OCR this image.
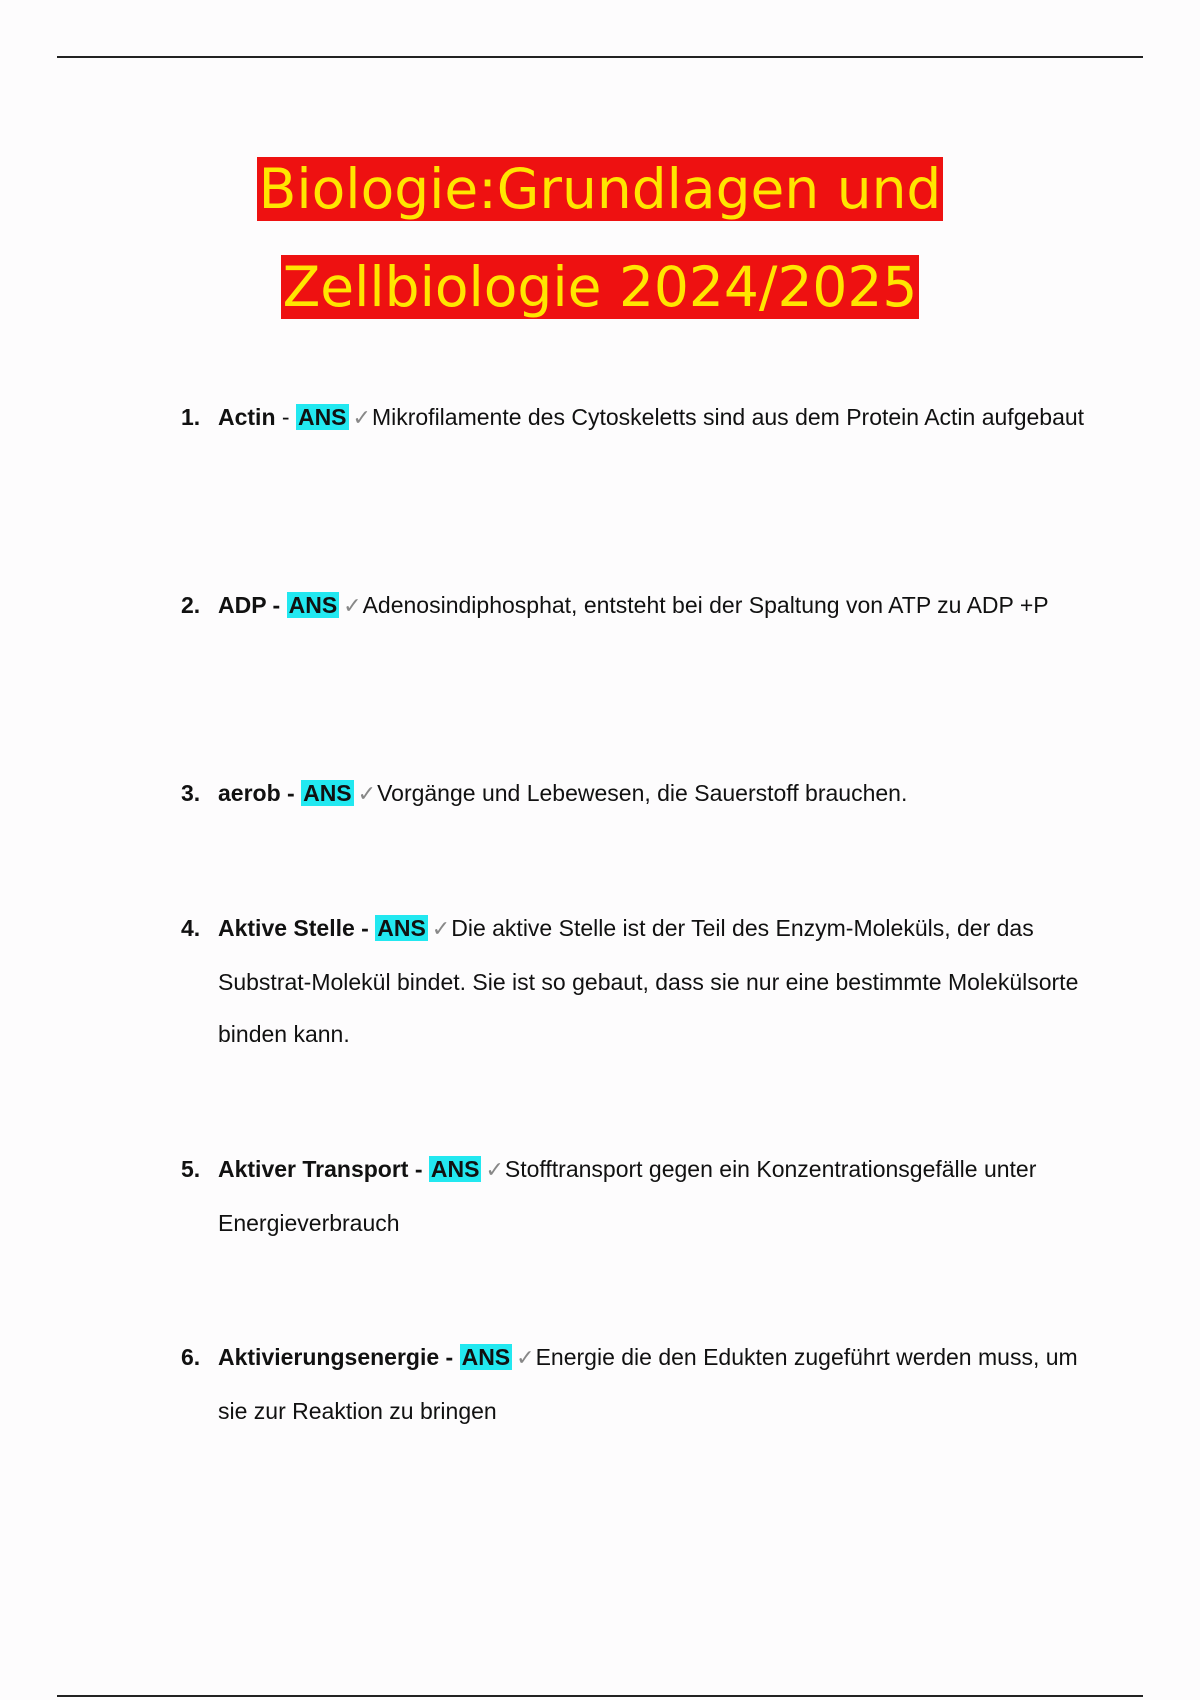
Biologie:Grundlagen und
Zellbiologie 2024/2025
1. Actin - ANS ✓Mikrofilamente des Cytoskeletts sind aus dem Protein Actin aufgebaut
2. ADP - ANS ✓Adenosindiphosphat, entsteht bei der Spaltung von ATP zu ADP +P
3. aerob - ANS ✓Vorgänge und Lebewesen, die Sauerstoff brauchen.
4. Aktive Stelle - ANS ✓Die aktive Stelle ist der Teil des Enzym-Moleküls, der das Substrat-Molekül bindet. Sie ist so gebaut, dass sie nur eine bestimmte Molekülsorte binden kann.
5. Aktiver Transport - ANS ✓Stofftransport gegen ein Konzentrationsgefälle unter Energieverbrauch
6. Aktivierungsenergie - ANS ✓Energie die den Edukten zugeführt werden muss, um sie zur Reaktion zu bringen
